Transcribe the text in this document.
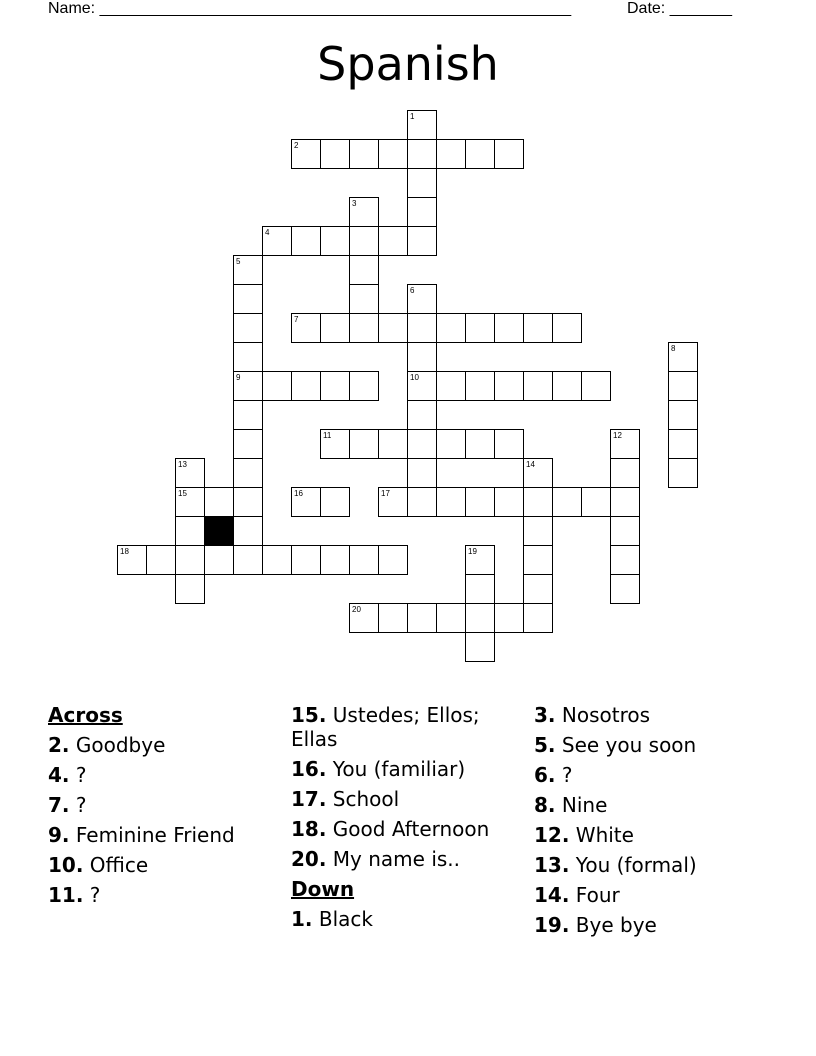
Name: _____________________________________________________	Date: _______
Spanish
1
2
3
4
5
6
7
8
9	10
11	12
13	14
15	16	17
18	19
20
Across
2. Goodbye
4. ?
7. ?
9. Feminine Friend
10. Office
11. ?
15. Ustedes; Ellos; Ellas
16. You (familiar)
17. School
18. Good Afternoon
20. My name is..
Down
1. Black
3. Nosotros
5. See you soon
6. ?
8. Nine
12. White
13. You (formal)
14. Four
19. Bye bye
